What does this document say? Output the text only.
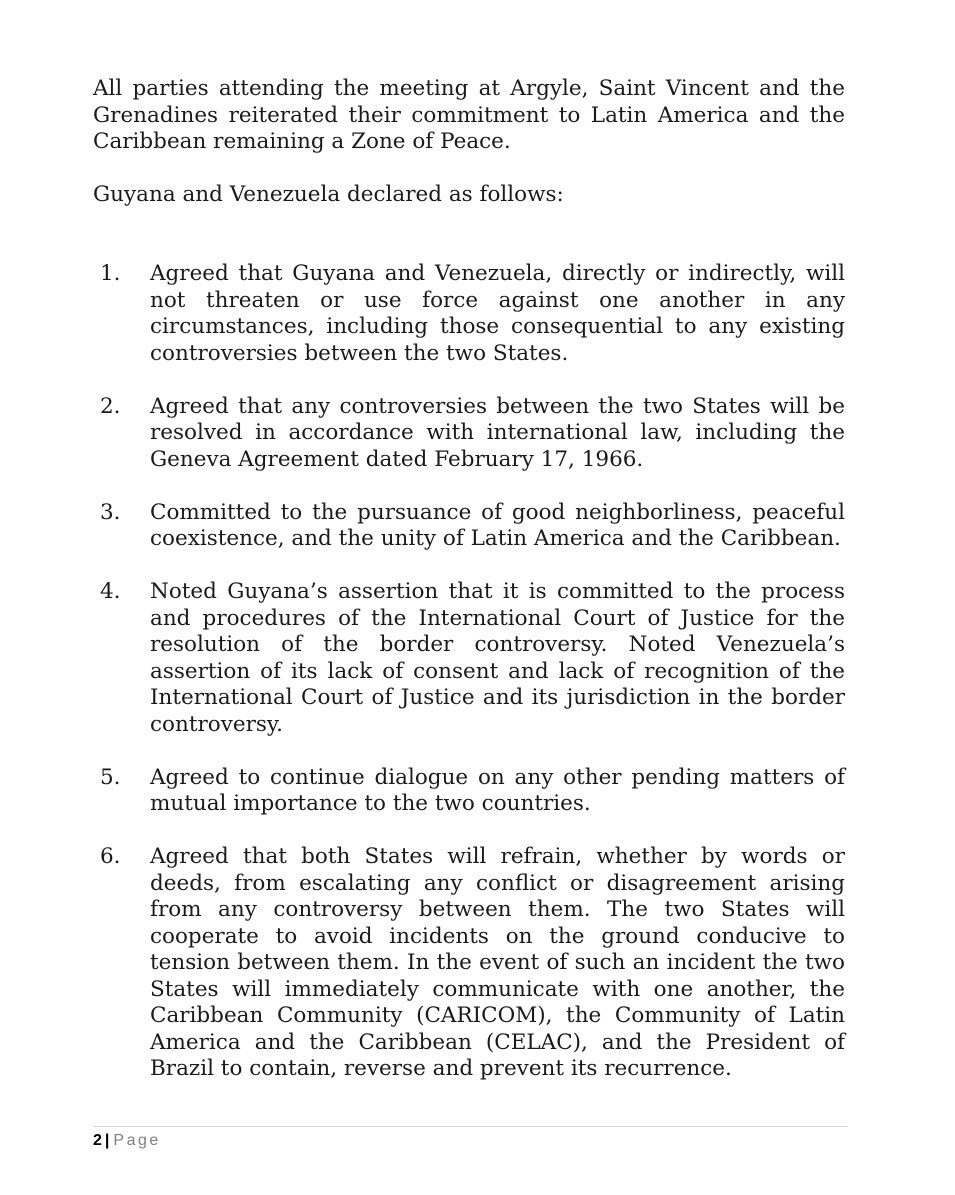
All parties attending the meeting at Argyle, Saint Vincent and the Grenadines reiterated their commitment to Latin America and the Caribbean remaining a Zone of Peace.

Guyana and Venezuela declared as follows:

1. Agreed that Guyana and Venezuela, directly or indirectly, will not threaten or use force against one another in any circumstances, including those consequential to any existing controversies between the two States.
2. Agreed that any controversies between the two States will be resolved in accordance with international law, including the Geneva Agreement dated February 17, 1966.
3. Committed to the pursuance of good neighborliness, peaceful coexistence, and the unity of Latin America and the Caribbean.
4. Noted Guyana’s assertion that it is committed to the process and procedures of the International Court of Justice for the resolution of the border controversy. Noted Venezuela’s assertion of its lack of consent and lack of recognition of the International Court of Justice and its jurisdiction in the border controversy.
5. Agreed to continue dialogue on any other pending matters of mutual importance to the two countries.
6. Agreed that both States will refrain, whether by words or deeds, from escalating any conflict or disagreement arising from any controversy between them. The two States will cooperate to avoid incidents on the ground conducive to tension between them. In the event of such an incident the two States will immediately communicate with one another, the Caribbean Community (CARICOM), the Community of Latin America and the Caribbean (CELAC), and the President of Brazil to contain, reverse and prevent its recurrence.
2 | Page
